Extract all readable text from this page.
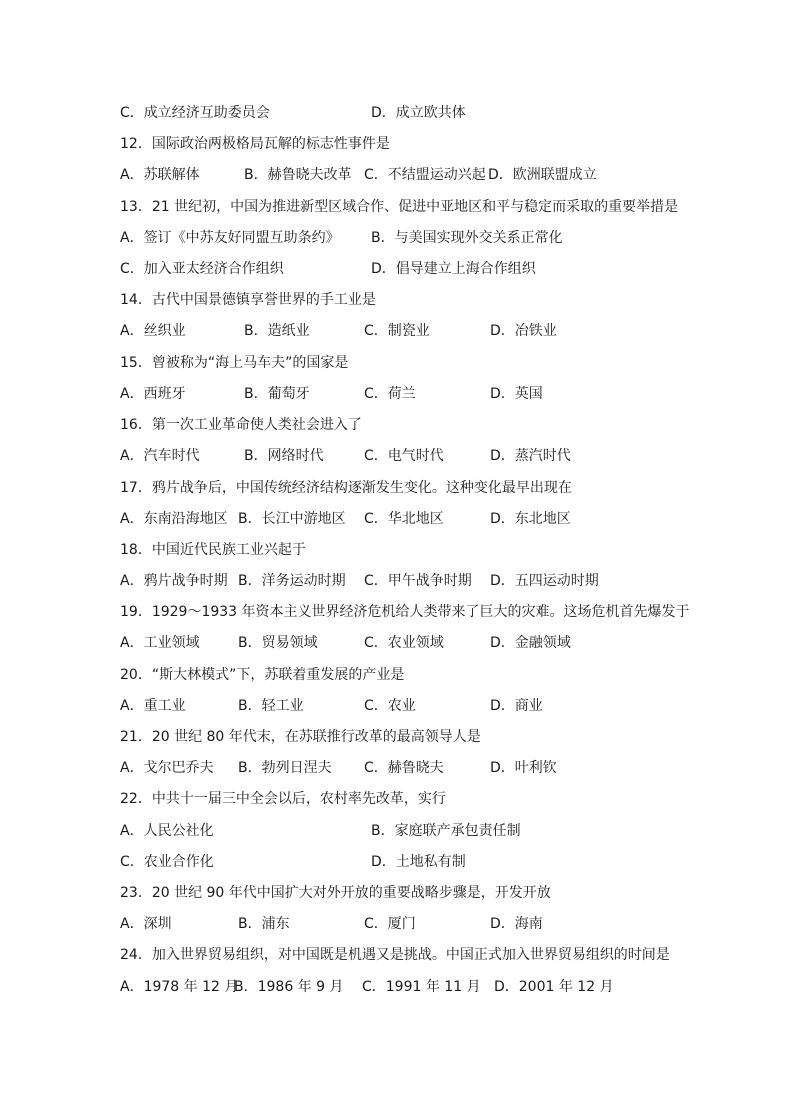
C．成立经济互助委员会	D．成立欧共体
12．国际政治两极格局瓦解的标志性事件是
A．苏联解体	B．赫鲁晓夫改革 C．不结盟运动兴起 D．欧洲联盟成立
13．21 世纪初，中国为推进新型区域合作、促进中亚地区和平与稳定而采取的重要举措是
A．签订《中苏友好同盟互助条约》 B．与美国实现外交关系正常化
C．加入亚太经济合作组织	D．倡导建立上海合作组织
14．古代中国景德镇享誉世界的手工业是
A．丝织业	B．造纸业	C．制瓷业	D．冶铁业
15．曾被称为“海上马车夫”的国家是
A．西班牙	B．葡萄牙	C．荷兰	D．英国
16．第一次工业革命使人类社会进入了
A．汽车时代	B．网络时代	C．电气时代	D．蒸汽时代
17．鸦片战争后，中国传统经济结构逐渐发生变化。这种变化最早出现在
A．东南沿海地区 B．长江中游地区 C．华北地区	D．东北地区
18．中国近代民族工业兴起于
A．鸦片战争时期 B．洋务运动时期 C．甲午战争时期 D．五四运动时期
19．1929～1933 年资本主义世界经济危机给人类带来了巨大的灾难。这场危机首先爆发于
A．工业领域	B．贸易领域	C．农业领域	D．金融领域
20．“斯大林模式”下，苏联着重发展的产业是
A．重工业	B．轻工业	C．农业	D．商业
21．20 世纪 80 年代末，在苏联推行改革的最高领导人是
A．戈尔巴乔夫 B．勃列日涅夫 C．赫鲁晓夫	D．叶利钦
22．中共十一届三中全会以后，农村率先改革，实行
A．人民公社化	B．家庭联产承包责任制
C．农业合作化	D．土地私有制
23．20 世纪 90 年代中国扩大对外开放的重要战略步骤是，开发开放
A．深圳	B．浦东	C．厦门	D．海南
24．加入世界贸易组织，对中国既是机遇又是挑战。中国正式加入世界贸易组织的时间是
A．1978 年 12 月
B．1986 年 9 月 C．1991 年 11 月 D．2001 年 12 月
